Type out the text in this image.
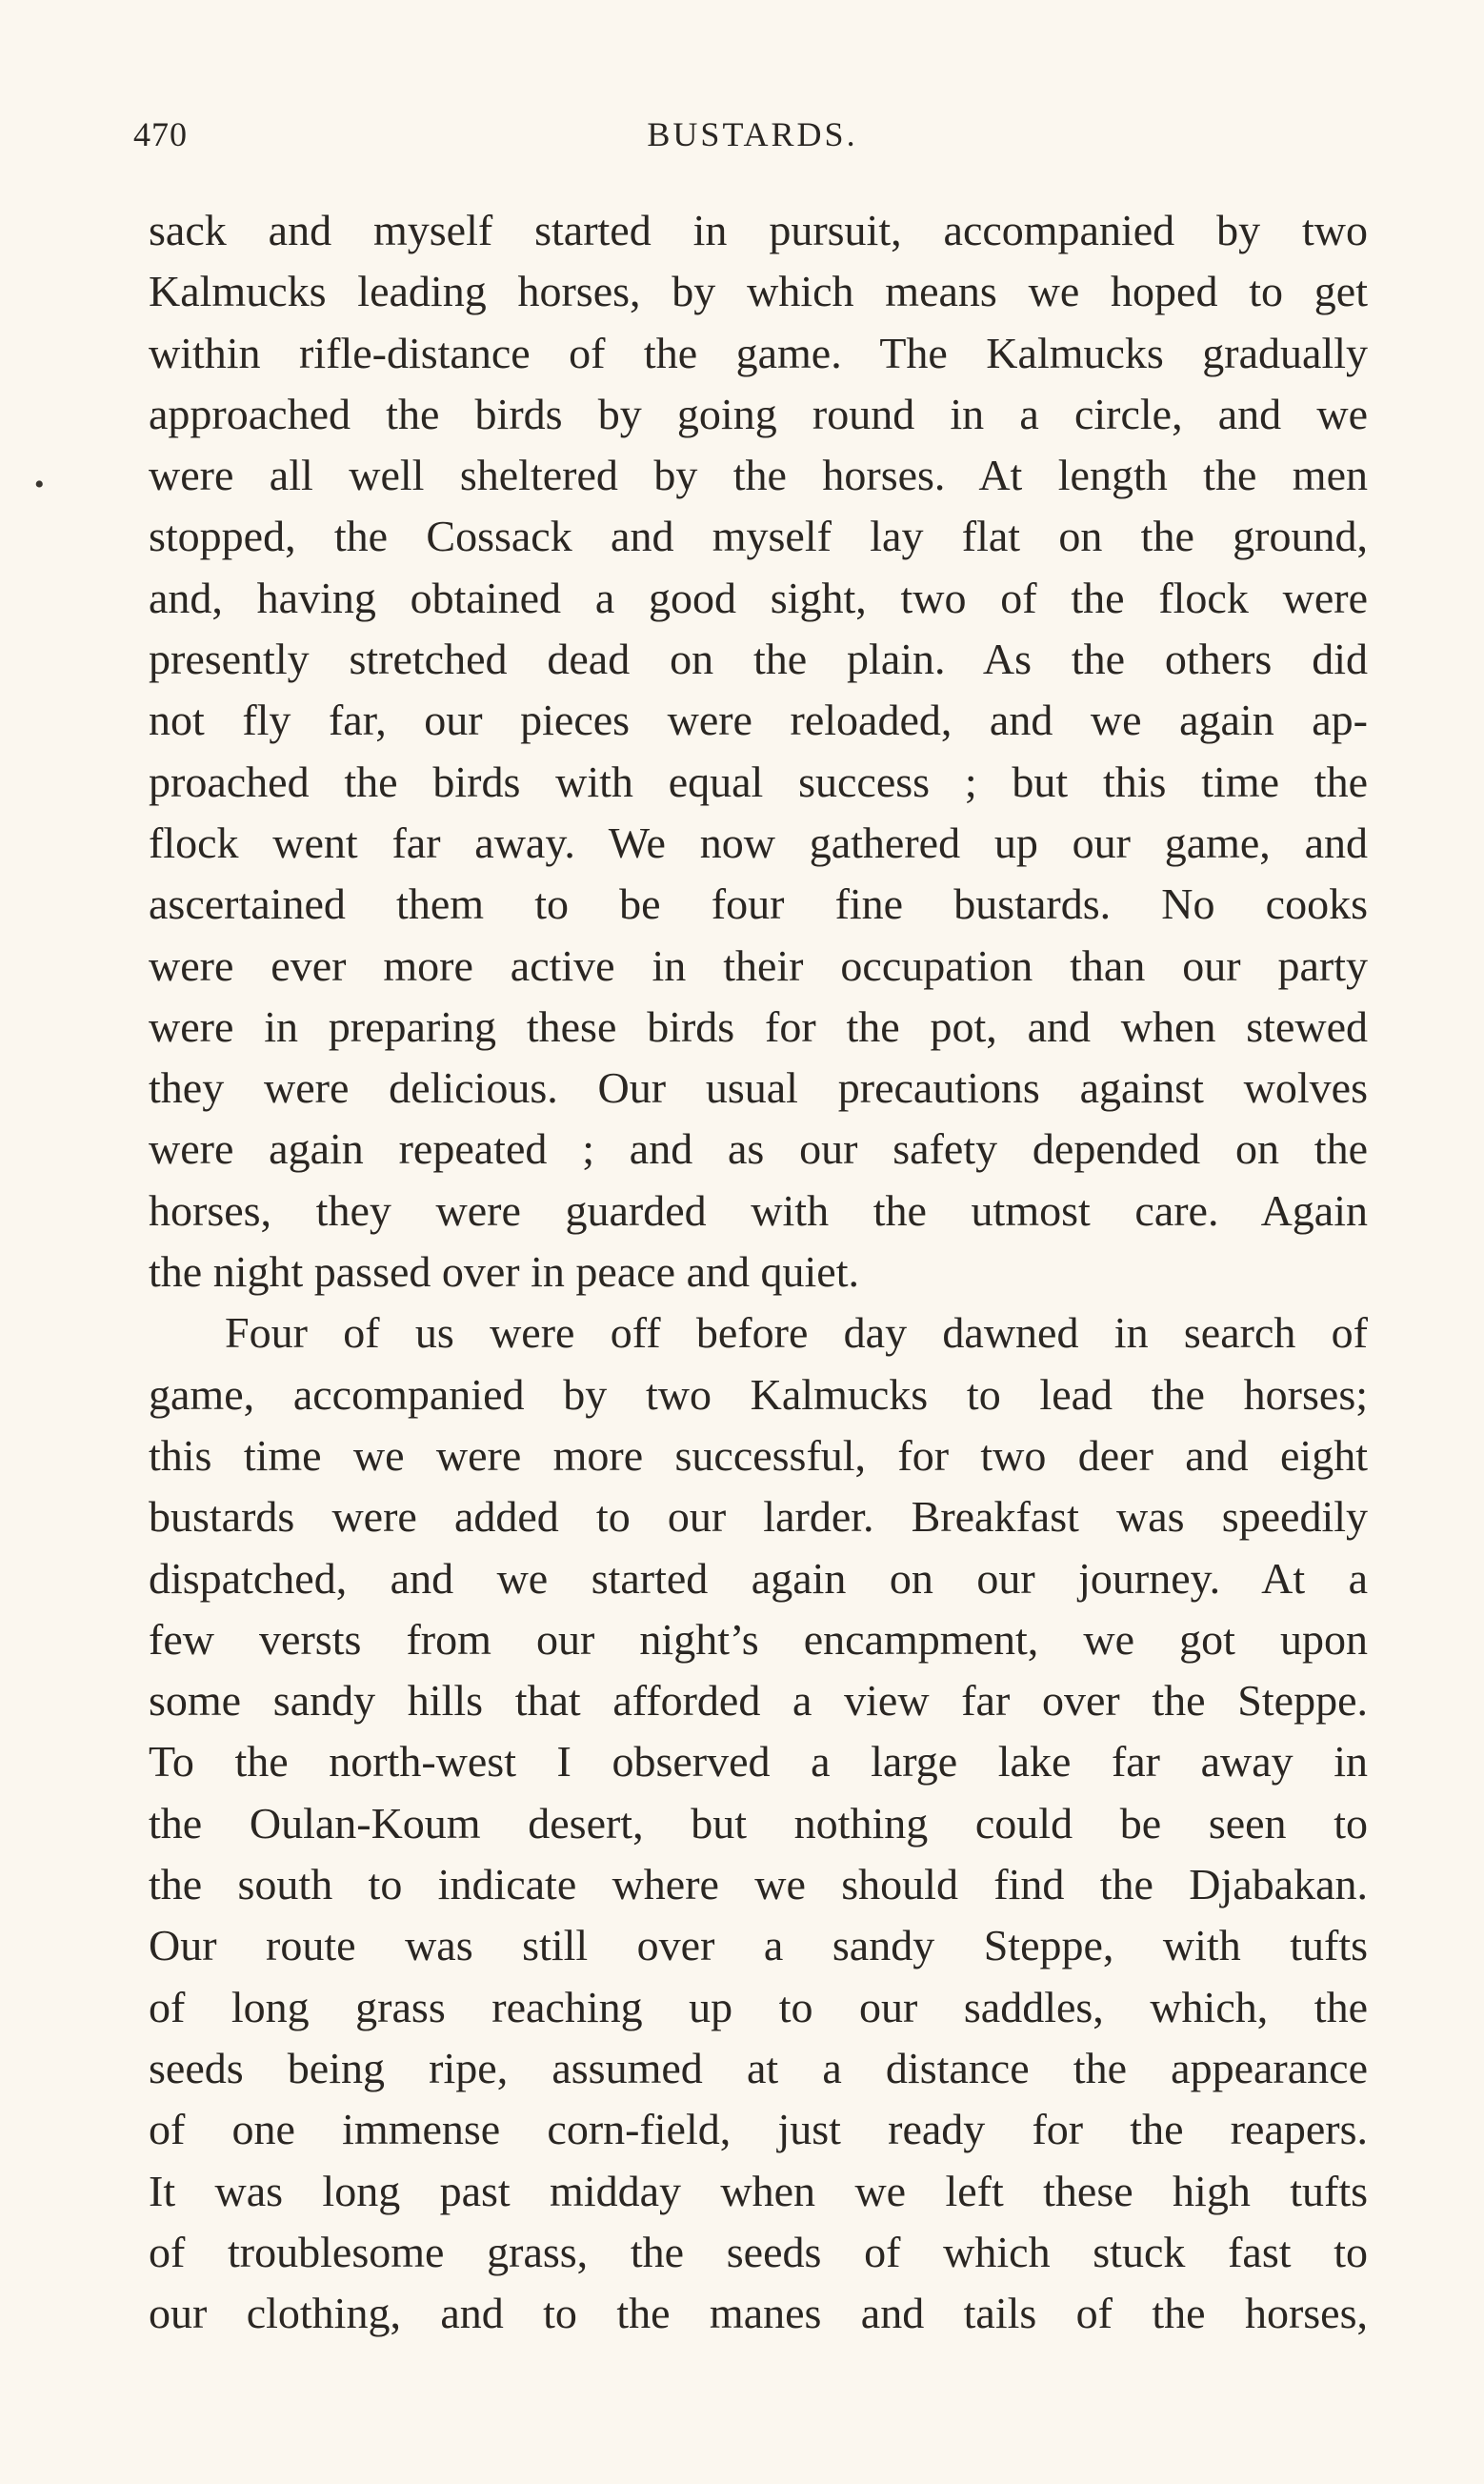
470	BUSTARDS.
•
sack and myself started in pursuit, accompanied by two
Kalmucks leading horses, by which means we hoped to get
within rifle-distance of the game. The Kalmucks gradually
approached the birds by going round in a circle, and we
were all well sheltered by the horses. At length the men
stopped, the Cossack and myself lay flat on the ground,
and, having obtained a good sight, two of the flock were
presently stretched dead on the plain. As the others did
not fly far, our pieces were reloaded, and we again ap-
proached the birds with equal success ; but this time the
flock went far away. We now gathered up our game, and
ascertained them to be four fine bustards. No cooks
were ever more active in their occupation than our party
were in preparing these birds for the pot, and when stewed
they were delicious. Our usual precautions against wolves
were again repeated ; and as our safety depended on the
horses, they were guarded with the utmost care. Again
the night passed over in peace and quiet.
Four of us were off before day dawned in search of
game, accompanied by two Kalmucks to lead the horses;
this time we were more successful, for two deer and eight
bustards were added to our larder. Breakfast was speedily
dispatched, and we started again on our journey. At a
few versts from our night’s encampment, we got upon
some sandy hills that afforded a view far over the Steppe.
To the north-west I observed a large lake far away in
the Oulan-Koum desert, but nothing could be seen to
the south to indicate where we should find the Djabakan.
Our route was still over a sandy Steppe, with tufts
of long grass reaching up to our saddles, which, the
seeds being ripe, assumed at a distance the appearance
of one immense corn-field, just ready for the reapers.
It was long past midday when we left these high tufts
of troublesome grass, the seeds of which stuck fast to
our clothing, and to the manes and tails of the horses,
